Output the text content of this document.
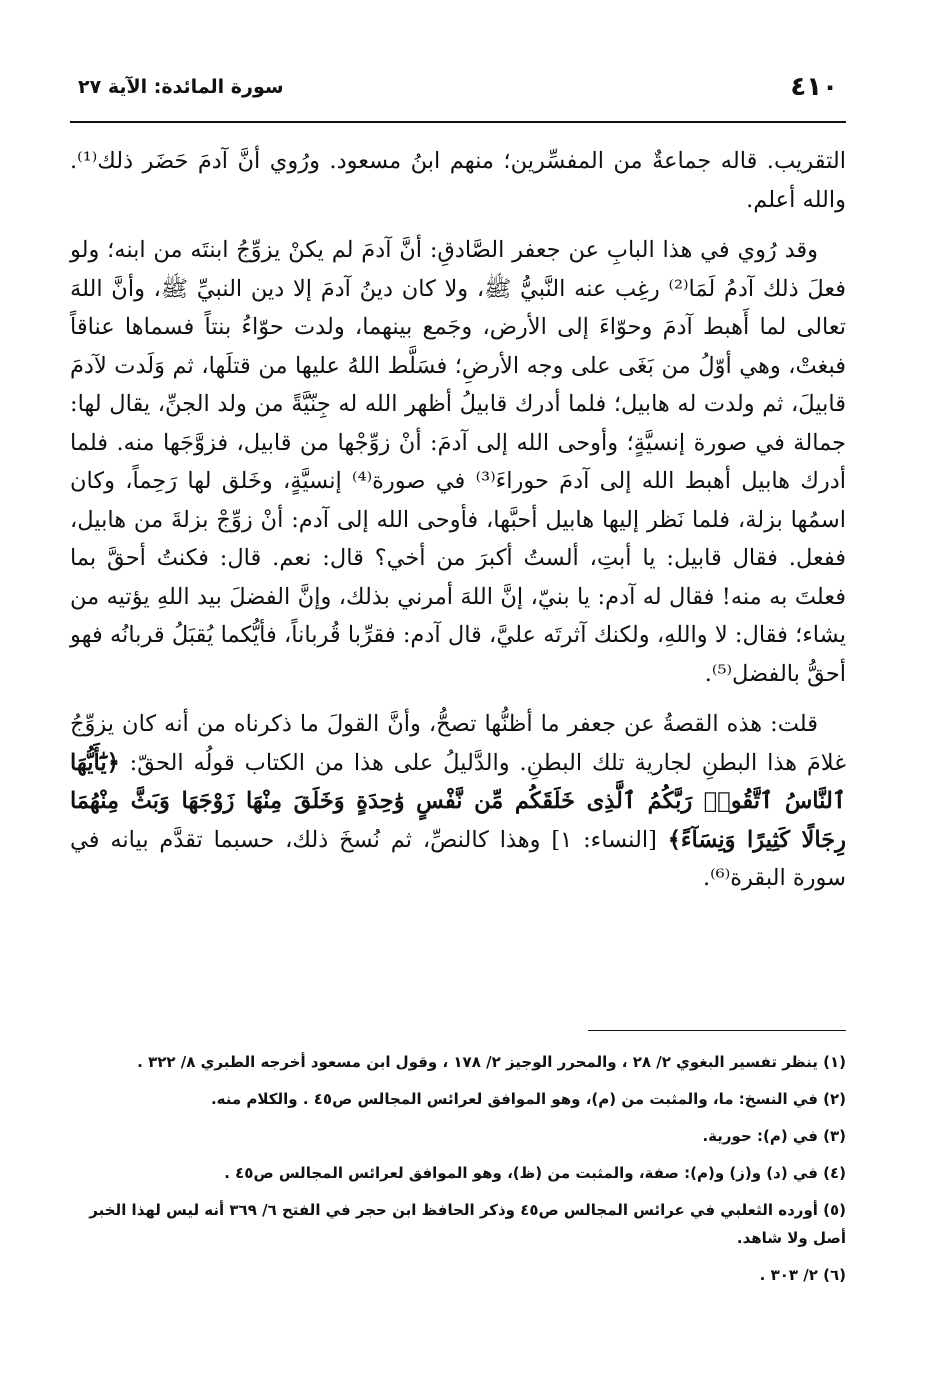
٤١٠
سورة المائدة: الآية ٢٧

التقريب. قاله جماعةٌ من المفسِّرين؛ منهم ابنُ مسعود. ورُوي أنَّ آدمَ حَضَر ذلك⁽¹⁾. والله أعلم.

وقد رُوي في هذا البابِ عن جعفر الصَّادقِ: أنَّ آدمَ لم يكنْ يزوِّجُ ابنتَه من ابنه؛ ولو فعلَ ذلك آدمُ لَمَا⁽²⁾ رغِب عنه النَّبيُّ ﷺ، ولا كان دينُ آدمَ إلا دين النبيِّ ﷺ، وأنَّ اللهَ تعالى لما أَهبط آدمَ وحوّاءَ إلى الأرض، وجَمع بينهما، ولدت حوّاءُ بنتاً فسماها عناقاً فبغتْ، وهي أوّلُ من بَغَى على وجه الأرضِ؛ فسَلَّط اللهُ عليها من قتلَها، ثم وَلَدت لآدمَ قابيلَ، ثم ولدت له هابيل؛ فلما أدرك قابيلُ أظهر الله له جِنّيَّةً من ولد الجنِّ، يقال لها: جمالة في صورة إنسيَّةٍ؛ وأوحى الله إلى آدمَ: أنْ زوِّجْها من قابيل، فزوَّجَها منه. فلما أدرك هابيل أهبط الله إلى آدمَ حوراءَ⁽³⁾ في صورة⁽⁴⁾ إنسيَّةٍ، وخَلق لها رَحِماً، وكان اسمُها بزلة، فلما نَظر إليها هابيل أحبَّها، فأوحى الله إلى آدم: أنْ زوِّجْ بزلةَ من هابيل، ففعل. فقال قابيل: يا أبتِ، ألستُ أكبرَ من أخي؟ قال: نعم. قال: فكنتُ أحقَّ بما فعلتَ به منه! فقال له آدم: يا بنيّ، إنَّ اللهَ أمرني بذلك، وإنَّ الفضلَ بيد اللهِ يؤتيه من يشاء؛ فقال: لا واللهِ، ولكنك آثرتَه عليَّ، قال آدم: فقرِّبا قُرباناً، فأيُّكما يُقبَلُ قربانُه فهو أحقُّ بالفضل⁽⁵⁾.

قلت: هذه القصةُ عن جعفر ما أظنُّها تصحُّ، وأنَّ القولَ ما ذكرناه من أنه كان يزوِّجُ غلامَ هذا البطنِ لجارية تلك البطنِ. والدَّليلُ على هذا من الكتاب قولُه الحقّ: ﴿يَٰٓأَيُّهَا ٱلنَّاسُ ٱتَّقُوا۟ رَبَّكُمُ ٱلَّذِى خَلَقَكُم مِّن نَّفْسٍ وَٰحِدَةٍ وَخَلَقَ مِنْهَا زَوْجَهَا وَبَثَّ مِنْهُمَا رِجَالًا كَثِيرًا وَنِسَآءً﴾ [النساء: ١] وهذا كالنصِّ، ثم نُسخَ ذلك، حسبما تقدَّم بيانه في سورة البقرة⁽⁶⁾.

(١) ينظر تفسير البغوي ٢/ ٢٨ ، والمحرر الوجيز ٢/ ١٧٨ ، وقول ابن مسعود أخرجه الطبري ٨/ ٣٢٢ .
(٢) في النسخ: ما، والمثبت من (م)، وهو الموافق لعرائس المجالس ص٤٥ . والكلام منه.
(٣) في (م): حورية.
(٤) في (د) و(ز) و(م): صفة، والمثبت من (ظ)، وهو الموافق لعرائس المجالس ص٤٥ .
(٥) أورده الثعلبي في عرائس المجالس ص٤٥ وذكر الحافظ ابن حجر في الفتح ٦/ ٣٦٩ أنه ليس لهذا الخبر أصل ولا شاهد.
(٦) ٢/ ٣٠٣ .
